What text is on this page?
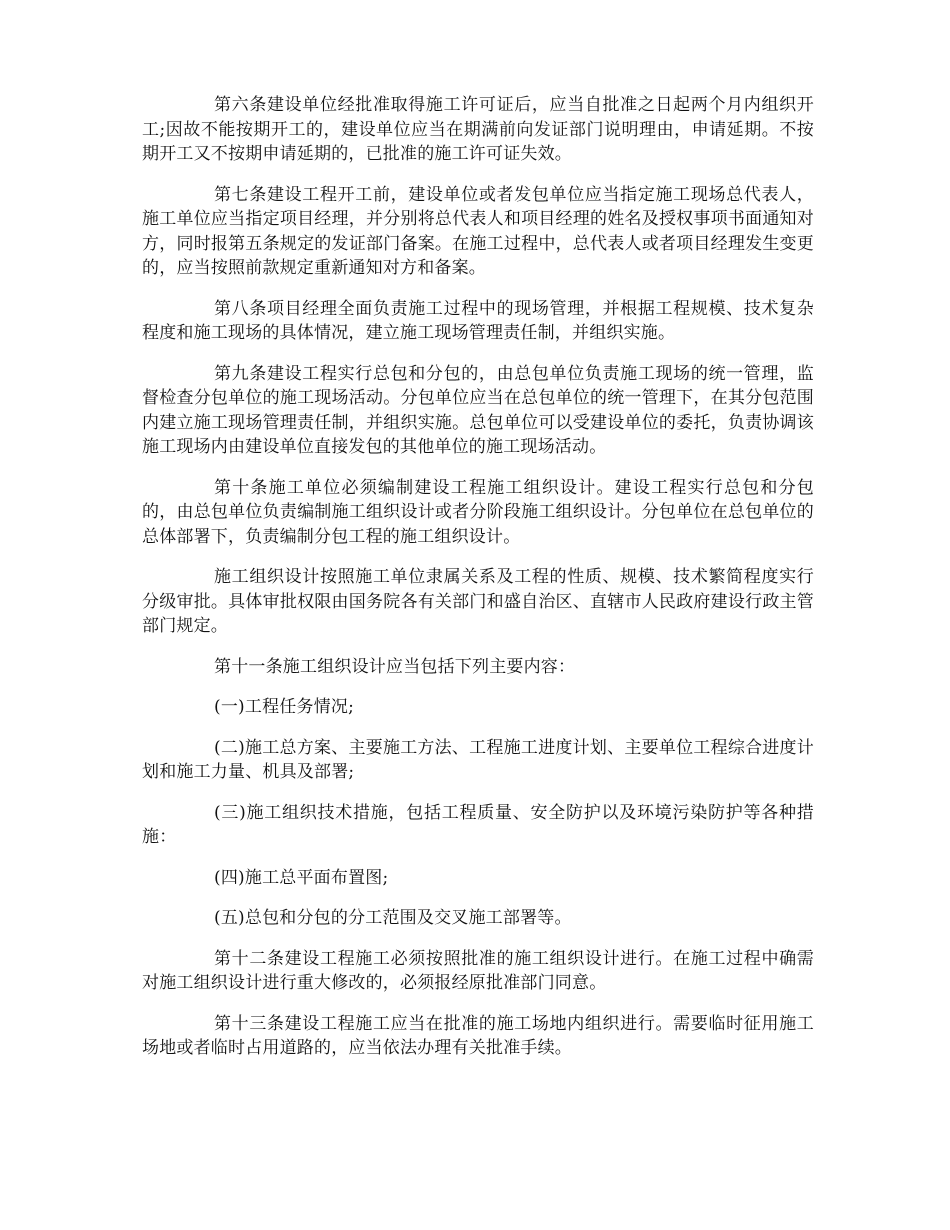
第六条建设单位经批准取得施工许可证后，应当自批准之日起两个月内组织开工;因故不能按期开工的，建设单位应当在期满前向发证部门说明理由，申请延期。不按期开工又不按期申请延期的，已批准的施工许可证失效。

第七条建设工程开工前，建设单位或者发包单位应当指定施工现场总代表人，施工单位应当指定项目经理，并分别将总代表人和项目经理的姓名及授权事项书面通知对方，同时报第五条规定的发证部门备案。在施工过程中，总代表人或者项目经理发生变更的，应当按照前款规定重新通知对方和备案。

第八条项目经理全面负责施工过程中的现场管理，并根据工程规模、技术复杂程度和施工现场的具体情况，建立施工现场管理责任制，并组织实施。

第九条建设工程实行总包和分包的，由总包单位负责施工现场的统一管理，监督检查分包单位的施工现场活动。分包单位应当在总包单位的统一管理下，在其分包范围内建立施工现场管理责任制，并组织实施。总包单位可以受建设单位的委托，负责协调该施工现场内由建设单位直接发包的其他单位的施工现场活动。

第十条施工单位必须编制建设工程施工组织设计。建设工程实行总包和分包的，由总包单位负责编制施工组织设计或者分阶段施工组织设计。分包单位在总包单位的总体部署下，负责编制分包工程的施工组织设计。

施工组织设计按照施工单位隶属关系及工程的性质、规模、技术繁简程度实行分级审批。具体审批权限由国务院各有关部门和盛自治区、直辖市人民政府建设行政主管部门规定。

第十一条施工组织设计应当包括下列主要内容：

(一)工程任务情况;

(二)施工总方案、主要施工方法、工程施工进度计划、主要单位工程综合进度计划和施工力量、机具及部署;

(三)施工组织技术措施，包括工程质量、安全防护以及环境污染防护等各种措施：

(四)施工总平面布置图;

(五)总包和分包的分工范围及交叉施工部署等。

第十二条建设工程施工必须按照批准的施工组织设计进行。在施工过程中确需对施工组织设计进行重大修改的，必须报经原批准部门同意。

第十三条建设工程施工应当在批准的施工场地内组织进行。需要临时征用施工场地或者临时占用道路的，应当依法办理有关批准手续。
